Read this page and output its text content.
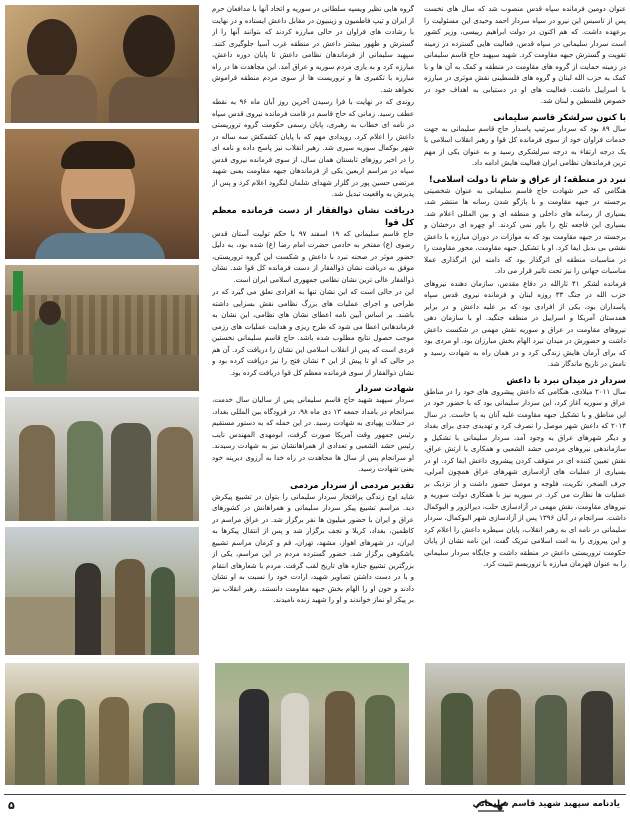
گروه هایی نظیر ویسپه سلطانی در سوریه و اتحاد آنها با مدافعان حرم از ایران و تیپ فاطمیون و زینبیون در مقابل داعش ایستاده و در نهایت با رشادت های فراوان در حالی مبارزه کردند که بتوانند آنها را از گسترش و ظهور بیشتر داعش در منطقه غرب آسیا جلوگیری کنند. سپهبد سلیمانی از فرماندهان نظامی داعش تا پایان دوره داعش، مبارزه کرد و به یاری مردم سوریه و عراق آمد. این مجاهدت ها در راه مبارزه با تکفیری ها و تروریست ها از سوی مردم منطقه فراموش نخواهد شد.

روندی که در نهایت با فرا رسیدن آخرین روز آبان ماه ۹۶ به نقطه عطف رسید. زمانی که حاج قاسم در قامت فرمانده نیروی قدس سپاه در نامه ای خطاب به رهبری، پایان رسمی حکومت گروه تروریستی داعش را اعلام کرد. رویدادی مهم که با پایان کشمکش سه ساله در شهر بوکمال سوریه سپری شد. رهبر انقلاب نیز پاسخ داده و نامه ای را در اخیر روزهای تابستان همان سال، از سوی فرمانده نیروی قدس سپاه در مراسم اربعین یکی از فرماندهان جبهه مقاومت یعنی شهید مرتضی حسین پور در گلزار شهدای شلمان لنگرود اعلام کرد و پس از پذیرش به واقعیت تبدیل شد.

دریافت نشان ذوالفقار از دست فرمانده معظم کل قوا

حاج قاسم سلیمانی که ۱۹ اسفند ۹۷ با حکم تولیت آستان قدس رضوی (ع) مفتخر به خادمی حضرت امام رضا (ع) شده بود، به دلیل حضور موثر در صحنه نبرد با داعش و شکست این گروه تروریستی، موفق به دریافت نشان ذوالفقار از دست فرمانده کل قوا شد. نشان ذوالفقار عالی ترین نشان نظامی جمهوری اسلامی ایران است.

این در حالی است که این نشان تنها به افرادی تعلق می گیرد که در طراحی و اجرای عملیات های بزرگ نظامی نقش بسزایی داشته باشند. بر اساس آیین نامه اعطای نشان های نظامی، این نشان به فرماندهانی اعطا می شود که طرح ریزی و هدایت عملیات های رزمی موجب حصول نتایج مطلوب شده باشد. حاج قاسم سلیمانی نخستین فردی است که پس از انقلاب اسلامی این نشان را دریافت کرد. آن هم در حالی که او تا پیش از این ۳ نشان فتح را نیز دریافت کرده بود و نشان ذوالفقار از سوی فرمانده معظم کل قوا دریافت کرده بود.

شهادت سردار

سردار سپهبد شهید حاج قاسم سلیمانی پس از سالیان سال خدمت، سرانجام در بامداد جمعه ۱۳ دی ماه ۹۸، در فرودگاه بین المللی بغداد، در حملات پهپادی به شهادت رسید. در این حمله که به دستور مستقیم رئیس جمهور وقت آمریکا صورت گرفت، ابومهدی المهندس نایب رئیس حشد الشعبی و تعدادی از همراهانشان نیز به شهادت رسیدند. او سرانجام پس از سال ها مجاهدت در راه خدا به آرزوی دیرینه خود یعنی شهادت رسید.

تقدیر مردمی از سردار مردمی

شاید اوج زندگی پرافتخار سردار سلیمانی را بتوان در تشییع پیکرش دید. مراسم تشییع پیکر سردار سلیمانی و همراهانش در کشورهای عراق و ایران با حضور میلیون ها نفر برگزار شد. در عراق مراسم در کاظمین، بغداد، کربلا و نجف برگزار شد و پس از انتقال پیکرها به ایران، در شهرهای اهواز، مشهد، تهران، قم و کرمان مراسم تشییع باشکوهی برگزار شد. حضور گسترده مردم در این مراسم، یکی از بزرگترین تشییع جنازه های تاریخ لقب گرفت. مردم با شعارهای انتقام و با در دست داشتن تصاویر شهید، ارادت خود را نسبت به او نشان دادند و خون او را الهام بخش جبهه مقاومت دانستند. رهبر انقلاب نیز بر پیکر او نماز خواندند و او را شهید زنده نامیدند.

عنوان دومین فرمانده سپاه قدس منصوب شد که سال های نخست پس از تاسیس این نیرو در سپاه سردار احمد وحیدی این مسئولیت را برعهده داشت. که هم اکنون در دولت ابراهیم رییسی، وزیر کشور است سردار سلیمانی در سپاه قدس، فعالیت هایی گسترده در زمینه تقویت و گسترش جبهه مقاومت کرد. شهید سپهبد حاج قاسم سلیمانی در زمینه حمایت از گروه های مقاومت در منطقه و کمک به آن ها و با کمک به حزب الله لبنان و گروه های فلسطینی نقش موثری در مبارزه با اسراییل داشت. فعالیت های او در دستیابی به اهداف خود در خصوص فلسطین و لبنان شد.

با کنون سرلشکر قاسم سلیمانی

سال ۸۹ بود که سردار سرتیپ پاسدار حاج قاسم سلیمانی به جهت خدمات فراوان خود از سوی فرمانده کل قوا و رهبر انقلاب اسلامی با یک درجه ارتقاء به درجه سرلشکری رسید و به عنوان یکی از مهم ترین فرماندهان نظامی ایران فعالیت هایش ادامه داد.

نبرد در منطقه؛ از عراق و شام تا دولت اسلامی!

هنگامی که خبر شهادت حاج قاسم سلیمانی به عنوان شخصیتی برجسته در جبهه مقاومت و با بازگو شدن رسانه ها منتشر شد، بسیاری از رسانه های داخلی و منطقه ای و بین المللی اعلام شد. بسیاری این فاجعه تلخ را باور نمی کردند. او چهره ای درخشان و برجسته در جبهه مقاومت بود که به موازات در دوران مبارزه با داعش نقشی بی بدیل ایفا کرد. او با تشکیل جبهه مقاومت، محور مقاومت را در مناسبات منطقه ای اثرگذار بود که دامنه این اثرگذاری عملا مناسبات جهانی را نیز تحت تاثیر قرار می داد.

فرمانده لشکر ۴۱ ثارالله در دفاع مقدس، سازمان دهنده نیروهای حزب الله در جنگ ۳۳ روزه لبنان و فرمانده نیروی قدس سپاه پاسداران بود، یکی از افرادی بود که بر علیه داعش و در برابر همدستان آمریکا و اسراییل در منطقه جنگید. او با سازمان دهی نیروهای مقاومت در عراق و سوریه نقش مهمی در شکست داعش داشت و حضورش در میدان نبرد الهام بخش مبارزان بود. او مردی بود که برای آرمان هایش زندگی کرد و در همان راه به شهادت رسید و نامش در تاریخ ماندگار شد.

سردار در میدان نبرد با داعش

سال ۲۰۱۱ میلادی، هنگامی که داعش پیشروی های خود را در مناطق عراق و سوریه آغاز کرد، این سردار سلیمانی بود که با حضور خود در این مناطق و با تشکیل جبهه مقاومت علیه آنان به پا خاست. در سال ۲۰۱۴ که داعش شهر موصل را تصرف کرد و تهدیدی جدی برای بغداد و دیگر شهرهای عراق به وجود آمد، سردار سلیمانی با تشکیل و سازماندهی نیروهای مردمی حشد الشعبی و همکاری با ارتش عراق، نقش تعیین کننده ای در متوقف کردن پیشروی داعش ایفا کرد. او در بسیاری از عملیات های آزادسازی شهرهای عراق همچون آمرلی، جرف الصخر، تکریت، فلوجه و موصل حضور داشت و از نزدیک بر عملیات ها نظارت می کرد. در سوریه نیز با همکاری دولت سوریه و نیروهای مقاومت، نقش مهمی در آزادسازی حلب، دیرالزور و البوکمال داشت. سرانجام در آبان ۱۳۹۶ پس از آزادسازی شهر البوکمال، سردار سلیمانی در نامه ای به رهبر انقلاب، پایان سیطره داعش را اعلام کرد و این پیروزی را به امت اسلامی تبریک گفت. این نامه نشان از پایان حکومت تروریستی داعش در منطقه داشت و جایگاه سردار سلیمانی را به عنوان قهرمان مبارزه با تروریسم تثبیت کرد.

۵	یادنامه سپهبد شهید قاسم سلیمانی
